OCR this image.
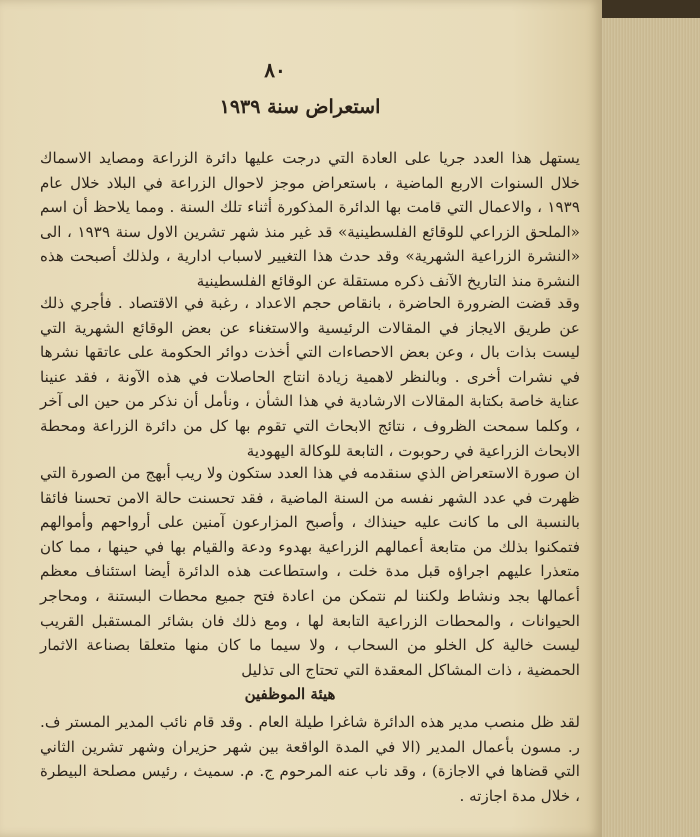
٨٠
استعراض سنة ١٩٣٩
يستهل هذا العدد جريا على العادة التي درجت عليها دائرة الزراعة ومصايد الاسماك خلال السنوات الاربع الماضية ، باستعراض موجز لاحوال الزراعة في البلاد خلال عام ١٩٣٩ ، والاعمال التي قامت بها الدائرة المذكورة أثناء تلك السنة . ومما يلاحظ أن اسم «الملحق الزراعي للوقائع الفلسطينية» قد غير منذ شهر تشرين الاول سنة ١٩٣٩ ، الى «النشرة الزراعية الشهرية» وقد حدث هذا التغيير لاسباب ادارية ، ولذلك أصبحت هذه النشرة منذ التاريخ الآنف ذكره مستقلة عن الوقائع الفلسطينية
وقد قضت الضرورة الحاضرة ، بانقاص حجم الاعداد ، رغبة في الاقتصاد . فأجري ذلك عن طريق الايجاز في المقالات الرئيسية والاستغناء عن بعض الوقائع الشهرية التي ليست بذات بال ، وعن بعض الاحصاءات التي أخذت دوائر الحكومة على عاتقها نشرها في نشرات أخرى . وبالنظر لاهمية زيادة انتاج الحاصلات في هذه الآونة ، فقد عنينا عناية خاصة بكتابة المقالات الارشادية في هذا الشأن ، ونأمل أن نذكر من حين الى آخر ، وكلما سمحت الظروف ، نتائج الابحاث التي تقوم بها كل من دائرة الزراعة ومحطة الابحاث الزراعية في رحوبوت ، التابعة للوكالة اليهودية
ان صورة الاستعراض الذي سنقدمه في هذا العدد ستكون ولا ريب أبهج من الصورة التي ظهرت في عدد الشهر نفسه من السنة الماضية ، فقد تحسنت حالة الامن تحسنا فائقا بالنسبة الى ما كانت عليه حينذاك ، وأصبح المزارعون آمنين على أرواحهم وأموالهم فتمكنوا بذلك من متابعة أعمالهم الزراعية بهدوء ودعة والقيام بها في حينها ، مما كان متعذرا عليهم اجراؤه قبل مدة خلت ، واستطاعت هذه الدائرة أيضا استئناف معظم أعمالها بجد ونشاط ولكننا لم نتمكن من اعادة فتح جميع محطات البستنة ، ومحاجر الحيوانات ، والمحطات الزراعية التابعة لها ، ومع ذلك فان بشائر المستقبل القريب ليست خالية كل الخلو من السحاب ، ولا سيما ما كان منها متعلقا بصناعة الاثمار الحمضية ، ذات المشاكل المعقدة التي تحتاج الى تذليل
هيئة الموظفين
لقد ظل منصب مدير هذه الدائرة شاغرا طيلة العام . وقد قام نائب المدير المستر ف. ر. مسون بأعمال المدير (الا في المدة الواقعة بين شهر حزيران وشهر تشرين الثاني التي قضاها في الاجازة) ، وقد ناب عنه المرحوم ج. م. سميث ، رئيس مصلحة البيطرة ، خلال مدة اجازته .
